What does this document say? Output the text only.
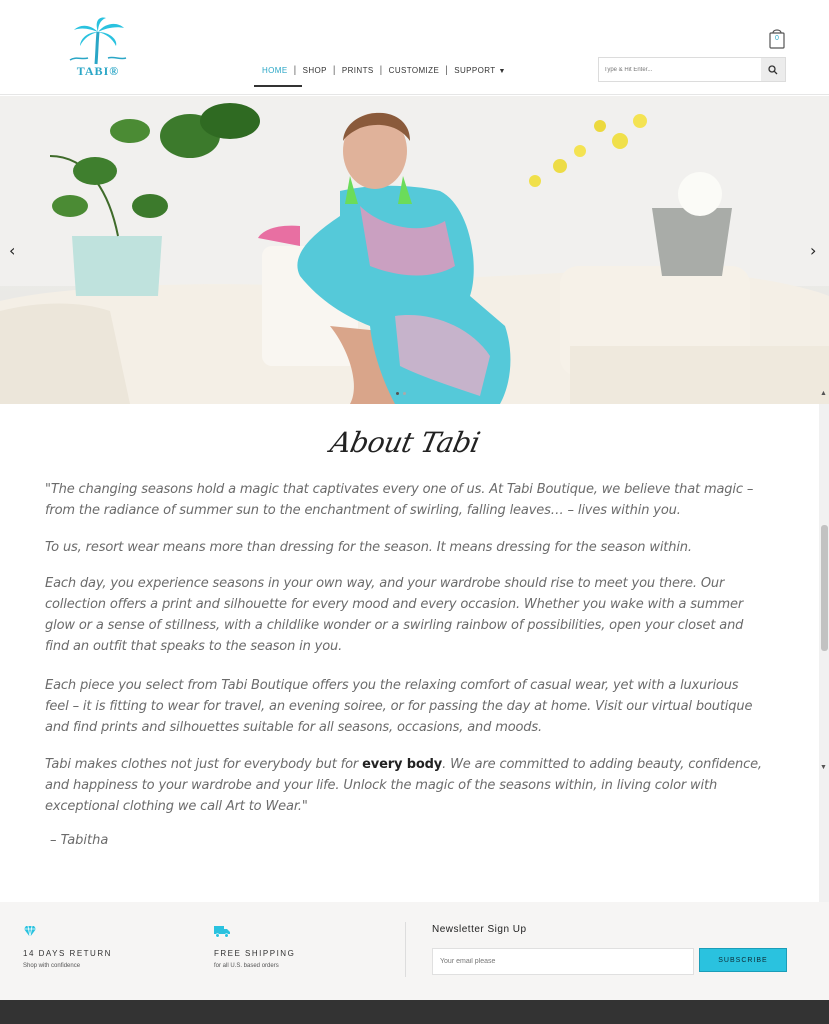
TABI®	HOME | SHOP | PRINTS | CUSTOMIZE | SUPPORT ▼
Type & Hit Enter...
0
‹	›
About Tabi

"The changing seasons hold a magic that captivates every one of us. At Tabi Boutique, we believe that magic – from the radiance of summer sun to the enchantment of swirling, falling leaves… – lives within you.

To us, resort wear means more than dressing for the season. It means dressing for the season within.

Each day, you experience seasons in your own way, and your wardrobe should rise to meet you there. Our collection offers a print and silhouette for every mood and every occasion. Whether you wake with a summer glow or a sense of stillness, with a childlike wonder or a swirling rainbow of possibilities, open your closet and find an outfit that speaks to the season in you.

Each piece you select from Tabi Boutique offers you the relaxing comfort of casual wear, yet with a luxurious feel – it is fitting to wear for travel, an evening soiree, or for passing the day at home. Visit our virtual boutique and find prints and silhouettes suitable for all seasons, occasions, and moods.

Tabi makes clothes not just for everybody but for every body. We are committed to adding beauty, confidence, and happiness to your wardrobe and your life. Unlock the magic of the seasons within, in living color with exceptional clothing we call Art to Wear."

– Tabitha
▲
▼
14 DAYS RETURN
Shop with confidence
FREE SHIPPING
for all U.S. based orders
Newsletter Sign Up
Your email please
SUBSCRIBE
